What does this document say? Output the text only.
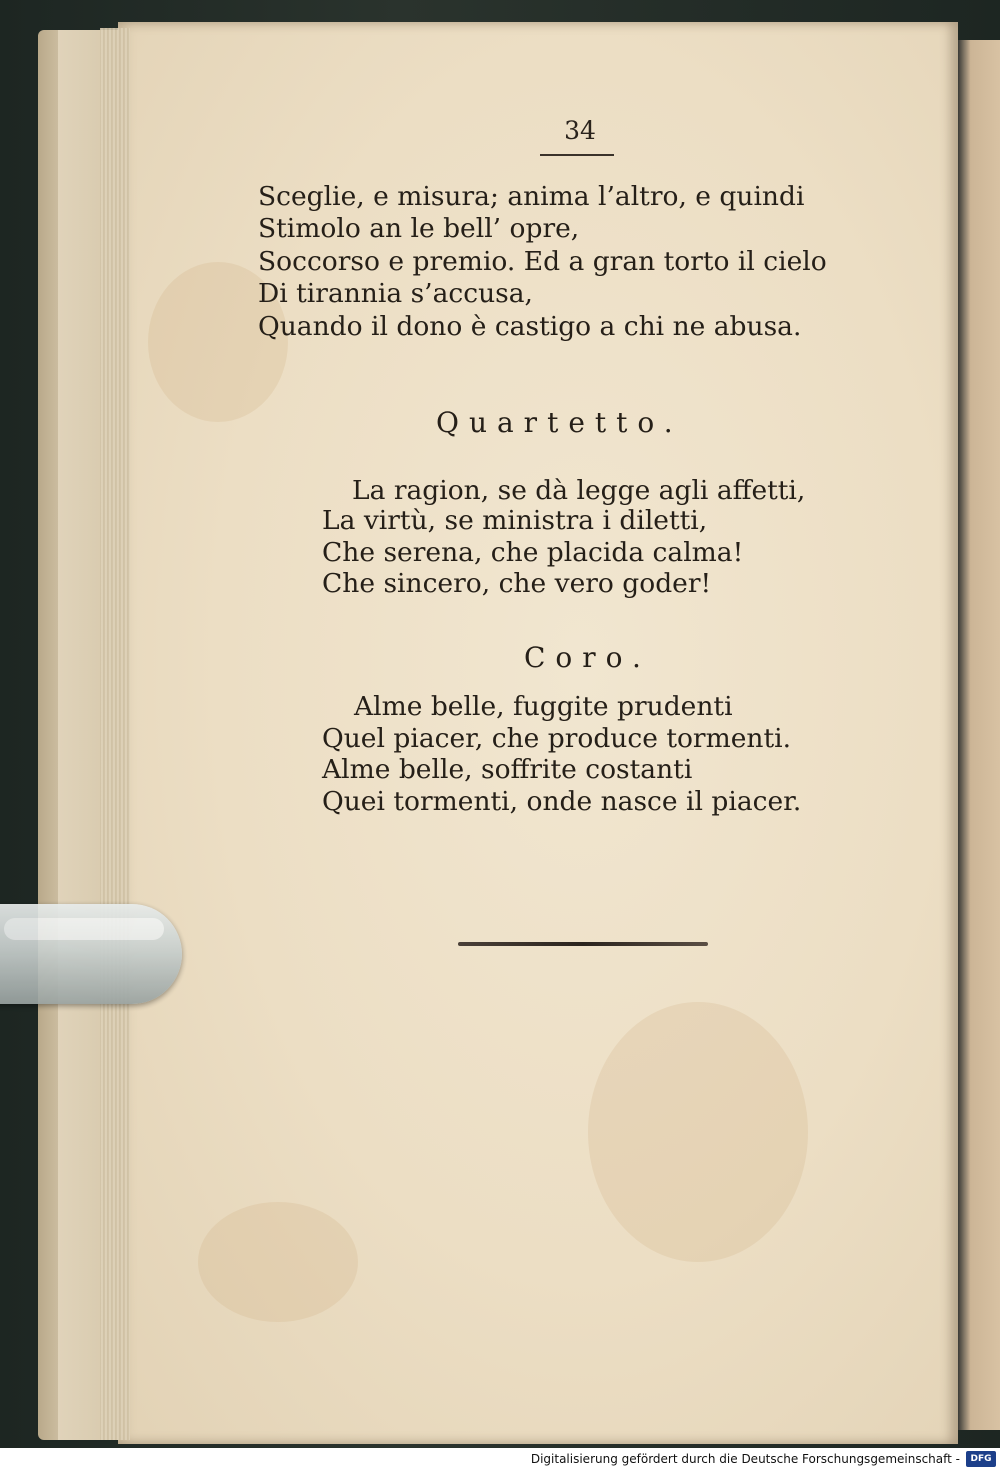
34
Sceglie, e misura; anima l’altro, e quindi
Stimolo an le bell’ opre,
Soccorso e premio. Ed a gran torto il cielo
Di tirannia s’accusa,
Quando il dono è castigo a chi ne abusa.
Quartetto.
La ragion, se dà legge agli affetti,
La virtù, se ministra i diletti,
Che serena, che placida calma!
Che sincero, che vero goder!
Coro.
Alme belle, fuggite prudenti
Quel piacer, che produce tormenti.
Alme belle, soffrite costanti
Quei tormenti, onde nasce il piacer.
Digitalisierung gefördert durch die Deutsche Forschungsgemeinschaft -	DFG
